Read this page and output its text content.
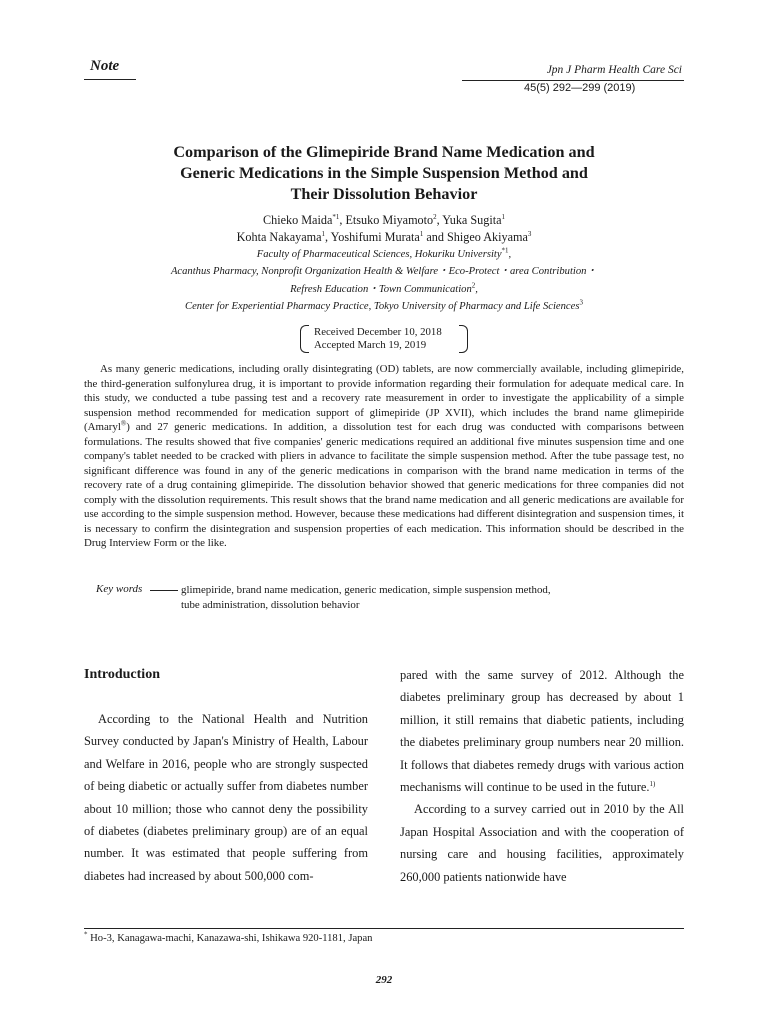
Note	Jpn J Pharm Health Care Sci
45(5) 292—299 (2019)
Comparison of the Glimepiride Brand Name Medication and
Generic Medications in the Simple Suspension Method and
Their Dissolution Behavior
Chieko Maida$^{*1}$, Etsuko Miyamoto$^2$, Yuka Sugita$^1$
Kohta Nakayama$^1$, Yoshifumi Murata$^1$ and Shigeo Akiyama$^3$
Faculty of Pharmaceutical Sciences, Hokuriku University$^{*1}$,
Acanthus Pharmacy, Nonprofit Organization Health & Welfare・Eco-Protect・area Contribution・
Refresh Education・Town Communication$^2$,
Center for Experiential Pharmacy Practice, Tokyo University of Pharmacy and Life Sciences$^3$
Received December 10, 2018
Accepted March 19, 2019
As many generic medications, including orally disintegrating (OD) tablets, are now commercially available, including glimepiride, the third-generation sulfonylurea drug, it is important to provide information regarding their formulation for adequate medical care. In this study, we conducted a tube passing test and a recovery rate measurement in order to investigate the applicability of a simple suspension method recommended for medication support of glimepiride (JP XVII), which includes the brand name glimepiride (Amaryl®) and 27 generic medications. In addition, a dissolution test for each drug was conducted with comparisons between formulations. The results showed that five companies' generic medications required an additional five minutes suspension time and one company's tablet needed to be cracked with pliers in advance to facilitate the simple suspension method. After the tube passage test, no significant difference was found in any of the generic medications in comparison with the brand name medication in terms of the recovery rate of a drug containing glimepiride. The dissolution behavior showed that generic medications for three companies did not comply with the dissolution requirements. This result shows that the brand name medication and all generic medications are available for use according to the simple suspension method. However, because these medications had different disintegration and suspension times, it is necessary to confirm the disintegration and suspension properties of each medication. This information should be described in the Drug Interview Form or the like.
Key words	glimepiride, brand name medication, generic medication, simple suspension method,
tube administration, dissolution behavior
Introduction
According to the National Health and Nutrition Survey conducted by Japan's Ministry of Health, Labour and Welfare in 2016, people who are strongly suspected of being diabetic or actually suffer from diabetes number about 10 million; those who cannot deny the possibility of diabetes (diabetes preliminary group) are of an equal number. It was estimated that people suffering from diabetes had increased by about 500,000 com-
pared with the same survey of 2012. Although the diabetes preliminary group has decreased by about 1 million, it still remains that diabetic patients, including the diabetes preliminary group numbers near 20 million. It follows that diabetes remedy drugs with various action mechanisms will continue to be used in the future.$^{1)}$
According to a survey carried out in 2010 by the All Japan Hospital Association and with the cooperation of nursing care and housing facilities, approximately 260,000 patients nationwide have
* Ho-3, Kanagawa-machi, Kanazawa-shi, Ishikawa 920-1181, Japan
292
